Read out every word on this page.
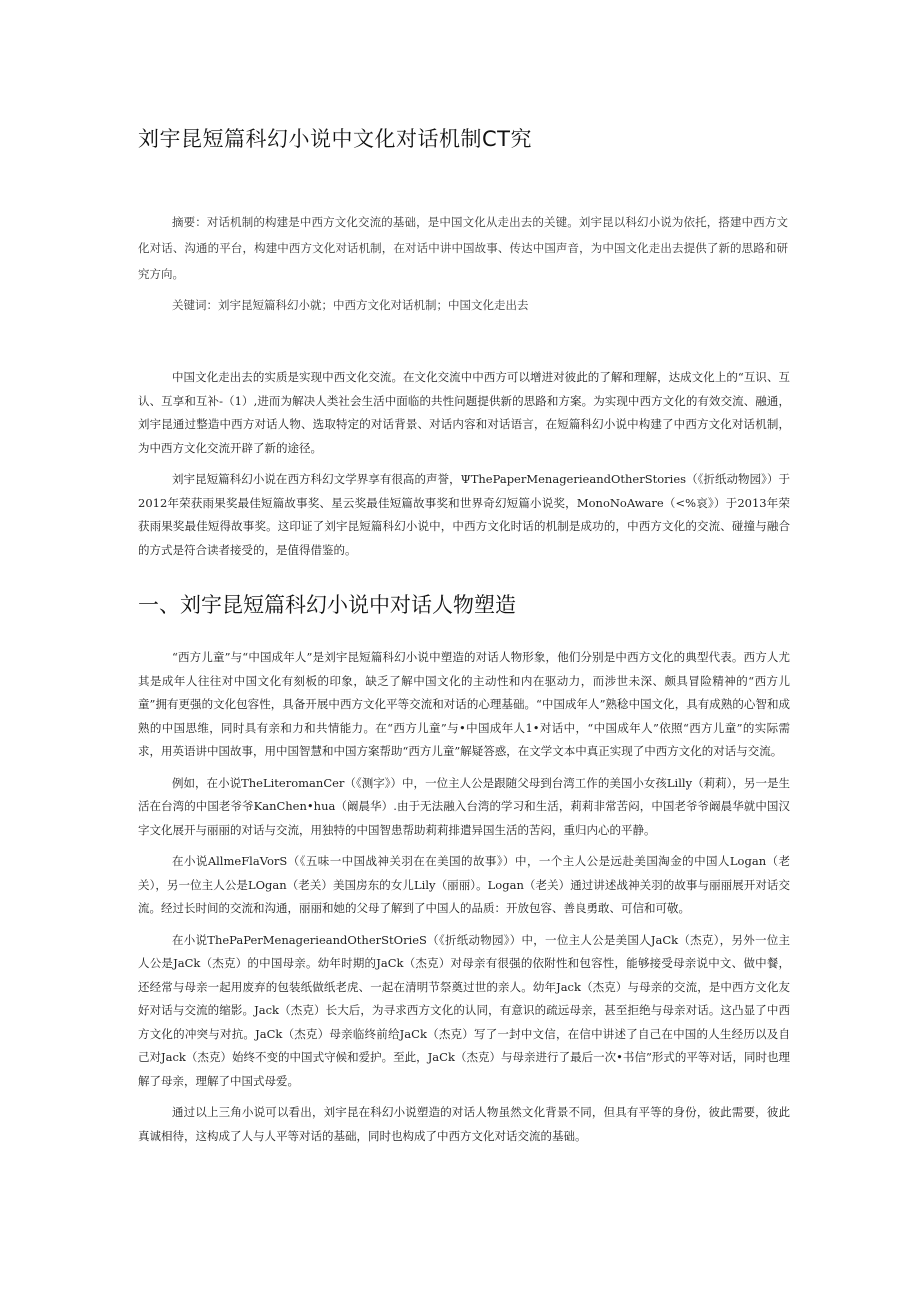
刘宇昆短篇科幻小说中文化对话机制CT究

摘要：对话机制的构建是中西方文化交流的基础，是中国文化从走出去的关键。刘宇昆以科幻小说为依托，搭建中西方文化对话、沟通的平台，构建中西方文化对话机制，在对话中讲中国故事、传达中国声音，为中国文化走出去提供了新的思路和研究方向。

关键词：刘宇昆短篇科幻小就；中西方文化对话机制；中国文化走出去

中国文化走出去的实质是实现中西文化交流。在文化交流中中西方可以增进对彼此的了解和理解，达成文化上的“互识、互认、互享和互补-（1）,进而为解决人类社会生活中面临的共性问题提供新的思路和方案。为实现中西方文化的有效交流、融通，刘宇昆通过整造中西方对话人物、选取特定的对话背景、对话内容和对话语言，在短篇科幻小说中构建了中西方文化对话机制，为中西方文化交流开辟了新的途径。

刘宇昆短篇科幻小说在西方科幻文学界享有很高的声誉，ΨThePaperMenagerieandOtherStories（《折纸动物园》）于2012年荣获雨果奖最佳短篇故事奖、星云奖最佳短篇故事奖和世界奇幻短篇小说奖，MonoNoAware（<%哀》）于2013年荣获雨果奖最佳短得故事奖。这印证了刘宇昆短篇科幻小说中，中西方文化时话的机制是成功的，中西方文化的交流、碰撞与融合的方式是符合读者接受的，是值得借鉴的。

一、刘宇昆短篇科幻小说中对话人物塑造

“西方儿童”与“中国成年人”是刘宇昆短篇科幻小说中塑造的对话人物形象，他们分别是中西方文化的典型代表。西方人尤其是成年人往往对中国文化有刻板的印象，缺乏了解中国文化的主动性和内在驱动力，而涉世未深、颇具冒险精神的“西方儿童”拥有更强的文化包容性，具备开展中西方文化平等交流和对话的心理基础。“中国成年人”熟稔中国文化，具有成熟的心智和成熟的中国思维，同时具有亲和力和共情能力。在“西方儿童”与•中国成年人1•对话中，“中国成年人”依照“西方儿童”的实际需求，用英语讲中国故事，用中国智慧和中国方案帮助“西方儿童”解疑答惑，在文学文本中真正实现了中西方文化的对话与交流。

例如，在小说TheLiteromanCer（《测字》）中，一位主人公是跟随父母到台湾工作的美国小女孩Lilly（莉莉），另一是生活在台湾的中国老爷爷KanChen•hua（阚晨华）.由于无法融入台湾的学习和生活，莉莉非常苦闷，中国老爷爷阚晨华就中国汉字文化展开与丽丽的对话与交流，用独特的中国智患帮助莉莉排遣异国生活的苦闷，重归内心的平静。

在小说AllmeFlaVorS（《五味一中国战神关羽在在美国的故事》）中，一个主人公是远赴美国淘金的中国人Logan（老关），另一位主人公是LOgan（老关）美国房东的女儿Lily（丽丽）。Logan（老关）通过讲述战神关羽的故事与丽丽展开对话交流。经过长时间的交流和沟通，丽丽和她的父母了解到了中国人的品质：开放包容、善良勇敢、可信和可敬。

在小说ThePaPerMenagerieandOtherStOrieS（《折纸动物园》）中，一位主人公是美国人JaCk（杰克），另外一位主人公是JaCk（杰克）的中国母亲。幼年时期的JaCk（杰克）对母亲有很强的依附性和包容性，能够接受母亲说中文、做中餐，还经常与母亲一起用废弃的包装纸做纸老虎、一起在清明节祭奠过世的亲人。幼年Jack（杰克）与母亲的交流，是中西方文化友好对话与交流的缩影。Jack（杰克）长大后，为寻求西方文化的认同，有意识的疏远母亲，甚至拒绝与母亲对话。这凸显了中西方文化的冲突与对抗。JaCk（杰克）母亲临终前给JaCk（杰克）写了一封中文信，在信中讲述了自己在中国的人生经历以及自己对Jack（杰克）始终不变的中国式守候和爱护。至此，JaCk（杰克）与母亲进行了最后一次•书信”形式的平等对话，同时也理解了母亲，理解了中国式母爱。

通过以上三角小说可以看出，刘宇昆在科幻小说塑造的对话人物虽然文化背景不同，但具有平等的身份，彼此需要，彼此真诚相待，这构成了人与人平等对话的基础，同时也构成了中西方文化对话交流的基础。
